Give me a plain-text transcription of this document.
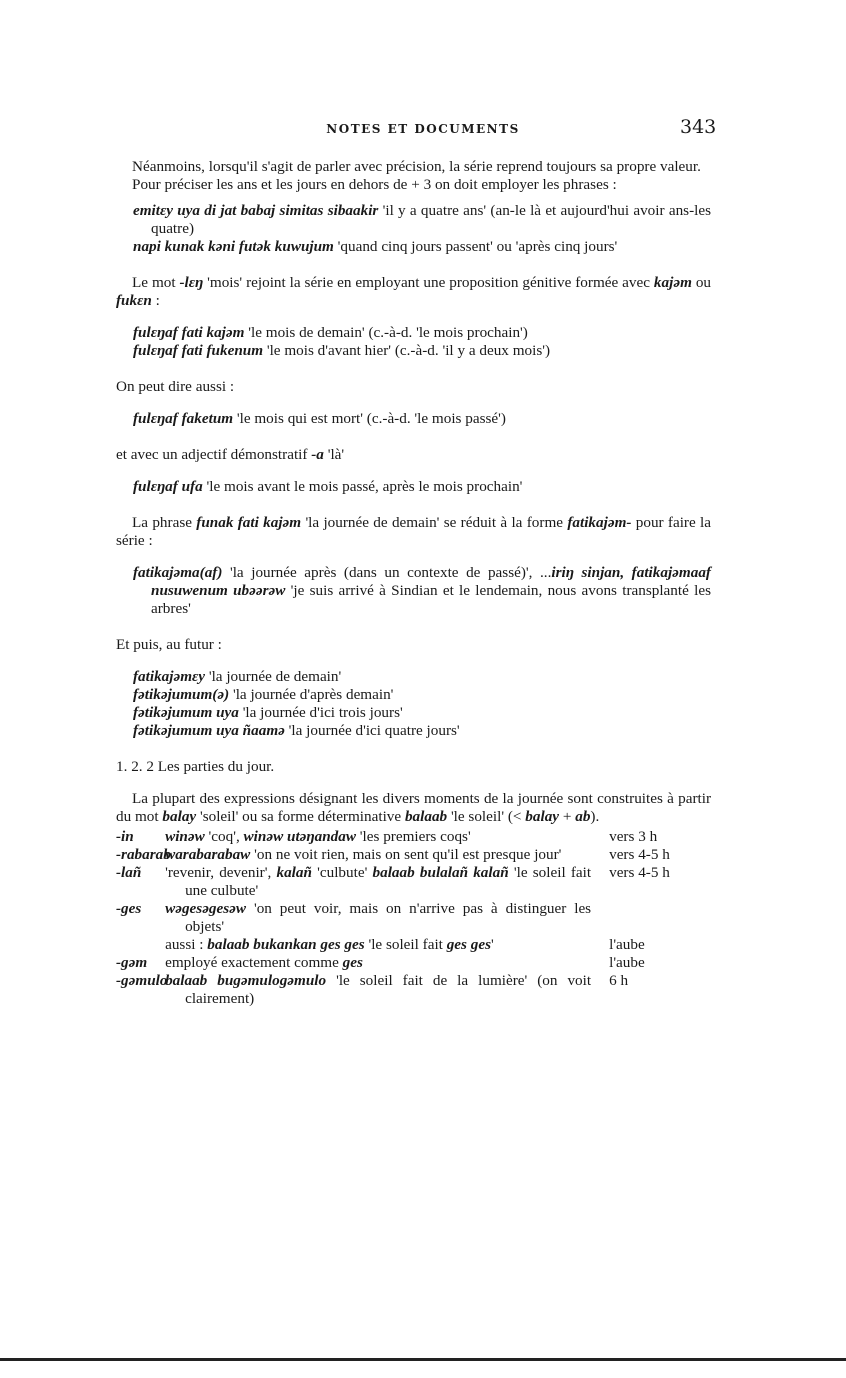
NOTES ET DOCUMENTS	343

Néanmoins, lorsqu'il s'agit de parler avec précision, la série reprend toujours sa propre valeur.

Pour préciser les ans et les jours en dehors de + 3 on doit employer les phrases :

emitεy uya di jat babaj simitas sibaakir 'il y a quatre ans' (an-le là et aujourd'hui avoir ans-les quatre)

napi kunak kəni futək kuwujum 'quand cinq jours passent' ou 'après cinq jours'

Le mot -lεŋ 'mois' rejoint la série en employant une proposition génitive formée avec kajəm ou fukεn :

fulεŋaf fati kajəm 'le mois de demain' (c.-à-d. 'le mois prochain')

fulεŋaf fati fukenum 'le mois d'avant hier' (c.-à-d. 'il y a deux mois')

On peut dire aussi :

fulεŋaf faketum 'le mois qui est mort' (c.-à-d. 'le mois passé')

et avec un adjectif démonstratif -a 'là'

fulεŋaf ufa 'le mois avant le mois passé, après le mois prochain'

La phrase funak fati kajəm 'la journée de demain' se réduit à la forme fatikajəm- pour faire la série :

fatikajəma(af) 'la journée après (dans un contexte de passé)', ...iriŋ sinjan, fatikajəmaaf nusuwenum ubəərəw 'je suis arrivé à Sindian et le lendemain, nous avons transplanté les arbres'

Et puis, au futur :

fatikajəmεy 'la journée de demain'

fətikəjumum(ə) 'la journée d'après demain'

fətikəjumum uya 'la journée d'ici trois jours'

fətikəjumum uya ñaamə 'la journée d'ici quatre jours'

1. 2. 2 Les parties du jour.

La plupart des expressions désignant les divers moments de la journée sont construites à partir du mot balay 'soleil' ou sa forme déterminative balaab 'le soleil' (< balay + ab).

-in	winəw 'coq', winəw utəŋandaw 'les premiers coqs'	vers 3 h
-rabarab	warabarabaw 'on ne voit rien, mais on sent qu'il est presque jour'	vers 4-5 h
-lañ	'revenir, devenir', kalañ 'culbute' balaab bulalañ kalañ 'le soleil fait une culbute'	vers 4-5 h
-ges	wəgesəgesəw 'on peut voir, mais on n'arrive pas à distinguer les objets'
aussi : balaab bukankan ges ges 'le soleil fait ges ges'	l'aube
-gəm	employé exactement comme ges	l'aube
-gəmulo	balaab bugəmulogəmulo 'le soleil fait de la lumière' (on voit clairement)	6 h
